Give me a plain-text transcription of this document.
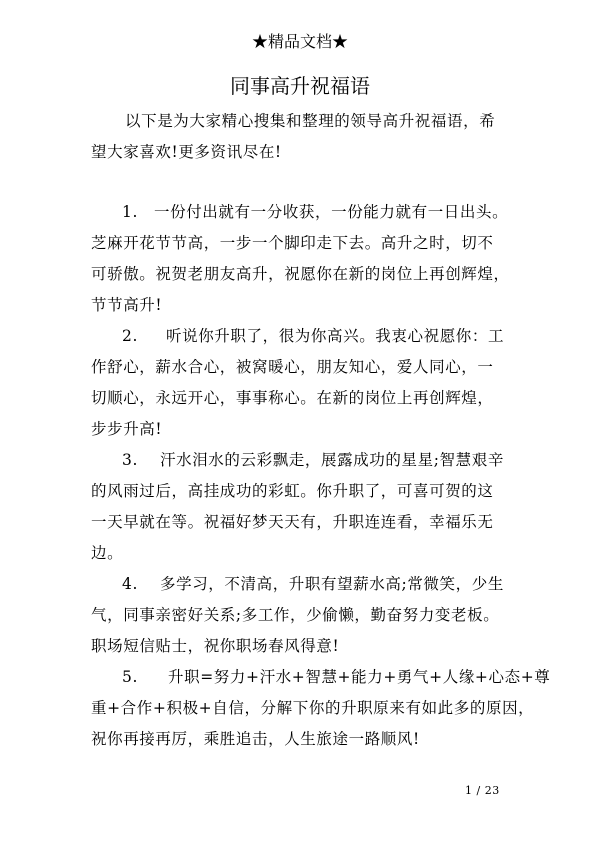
★精品文档★
同事高升祝福语
以下是为大家精心搜集和整理的领导高升祝福语，希
望大家喜欢!更多资讯尽在!
1. 一份付出就有一分收获，一份能力就有一日出头。
芝麻开花节节高，一步一个脚印走下去。高升之时，切不
可骄傲。祝贺老朋友高升，祝愿你在新的岗位上再创辉煌，
节节高升!
2. 听说你升职了，很为你高兴。我衷心祝愿你：工
作舒心，薪水合心，被窝暖心，朋友知心，爱人同心，一
切顺心，永远开心，事事称心。在新的岗位上再创辉煌，
步步升高!
3. 汗水泪水的云彩飘走，展露成功的星星;智慧艰辛
的风雨过后，高挂成功的彩虹。你升职了，可喜可贺的这
一天早就在等。祝福好梦天天有，升职连连看，幸福乐无
边。
4. 多学习，不清高，升职有望薪水高;常微笑，少生
气，同事亲密好关系;多工作，少偷懒，勤奋努力变老板。
职场短信贴士，祝你职场春风得意!
5. 升职=努力+汗水+智慧+能力+勇气+人缘+心态+尊
重+合作+积极+自信，分解下你的升职原来有如此多的原因，
祝你再接再厉，乘胜追击，人生旅途一路顺风!
1 / 23
